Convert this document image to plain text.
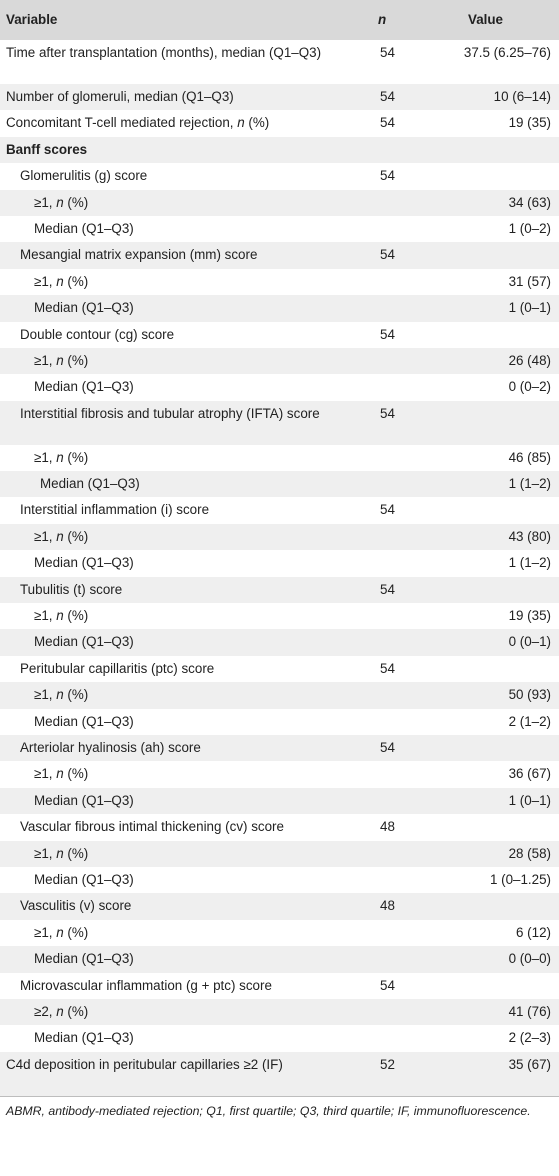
Variable	n	Value
Time after transplantation (months), median (Q1–Q3)	54	37.5 (6.25–76)
Number of glomeruli, median (Q1–Q3)	54	10 (6–14)
Concomitant T-cell mediated rejection, n (%)	54	19 (35)
Banff scores		
Glomerulitis (g) score	54	
≥1, n (%)		34 (63)
Median (Q1–Q3)		1 (0–2)
Mesangial matrix expansion (mm) score	54	
≥1, n (%)		31 (57)
Median (Q1–Q3)		1 (0–1)
Double contour (cg) score	54	
≥1, n (%)		26 (48)
Median (Q1–Q3)		0 (0–2)
Interstitial fibrosis and tubular atrophy (IFTA) score	54	
≥1, n (%)		46 (85)
Median (Q1–Q3)		1 (1–2)
Interstitial inflammation (i) score	54	
≥1, n (%)		43 (80)
Median (Q1–Q3)		1 (1–2)
Tubulitis (t) score	54	
≥1, n (%)		19 (35)
Median (Q1–Q3)		0 (0–1)
Peritubular capillaritis (ptc) score	54	
≥1, n (%)		50 (93)
Median (Q1–Q3)		2 (1–2)
Arteriolar hyalinosis (ah) score	54	
≥1, n (%)		36 (67)
Median (Q1–Q3)		1 (0–1)
Vascular fibrous intimal thickening (cv) score	48	
≥1, n (%)		28 (58)
Median (Q1–Q3)		1 (0–1.25)
Vasculitis (v) score	48	
≥1, n (%)		6 (12)
Median (Q1–Q3)		0 (0–0)
Microvascular inflammation (g + ptc) score	54	
≥2, n (%)		41 (76)
Median (Q1–Q3)		2 (2–3)
C4d deposition in peritubular capillaries ≥2 (IF)	52	35 (67)
ABMR, antibody-mediated rejection; Q1, first quartile; Q3, third quartile; IF, immunofluorescence.
